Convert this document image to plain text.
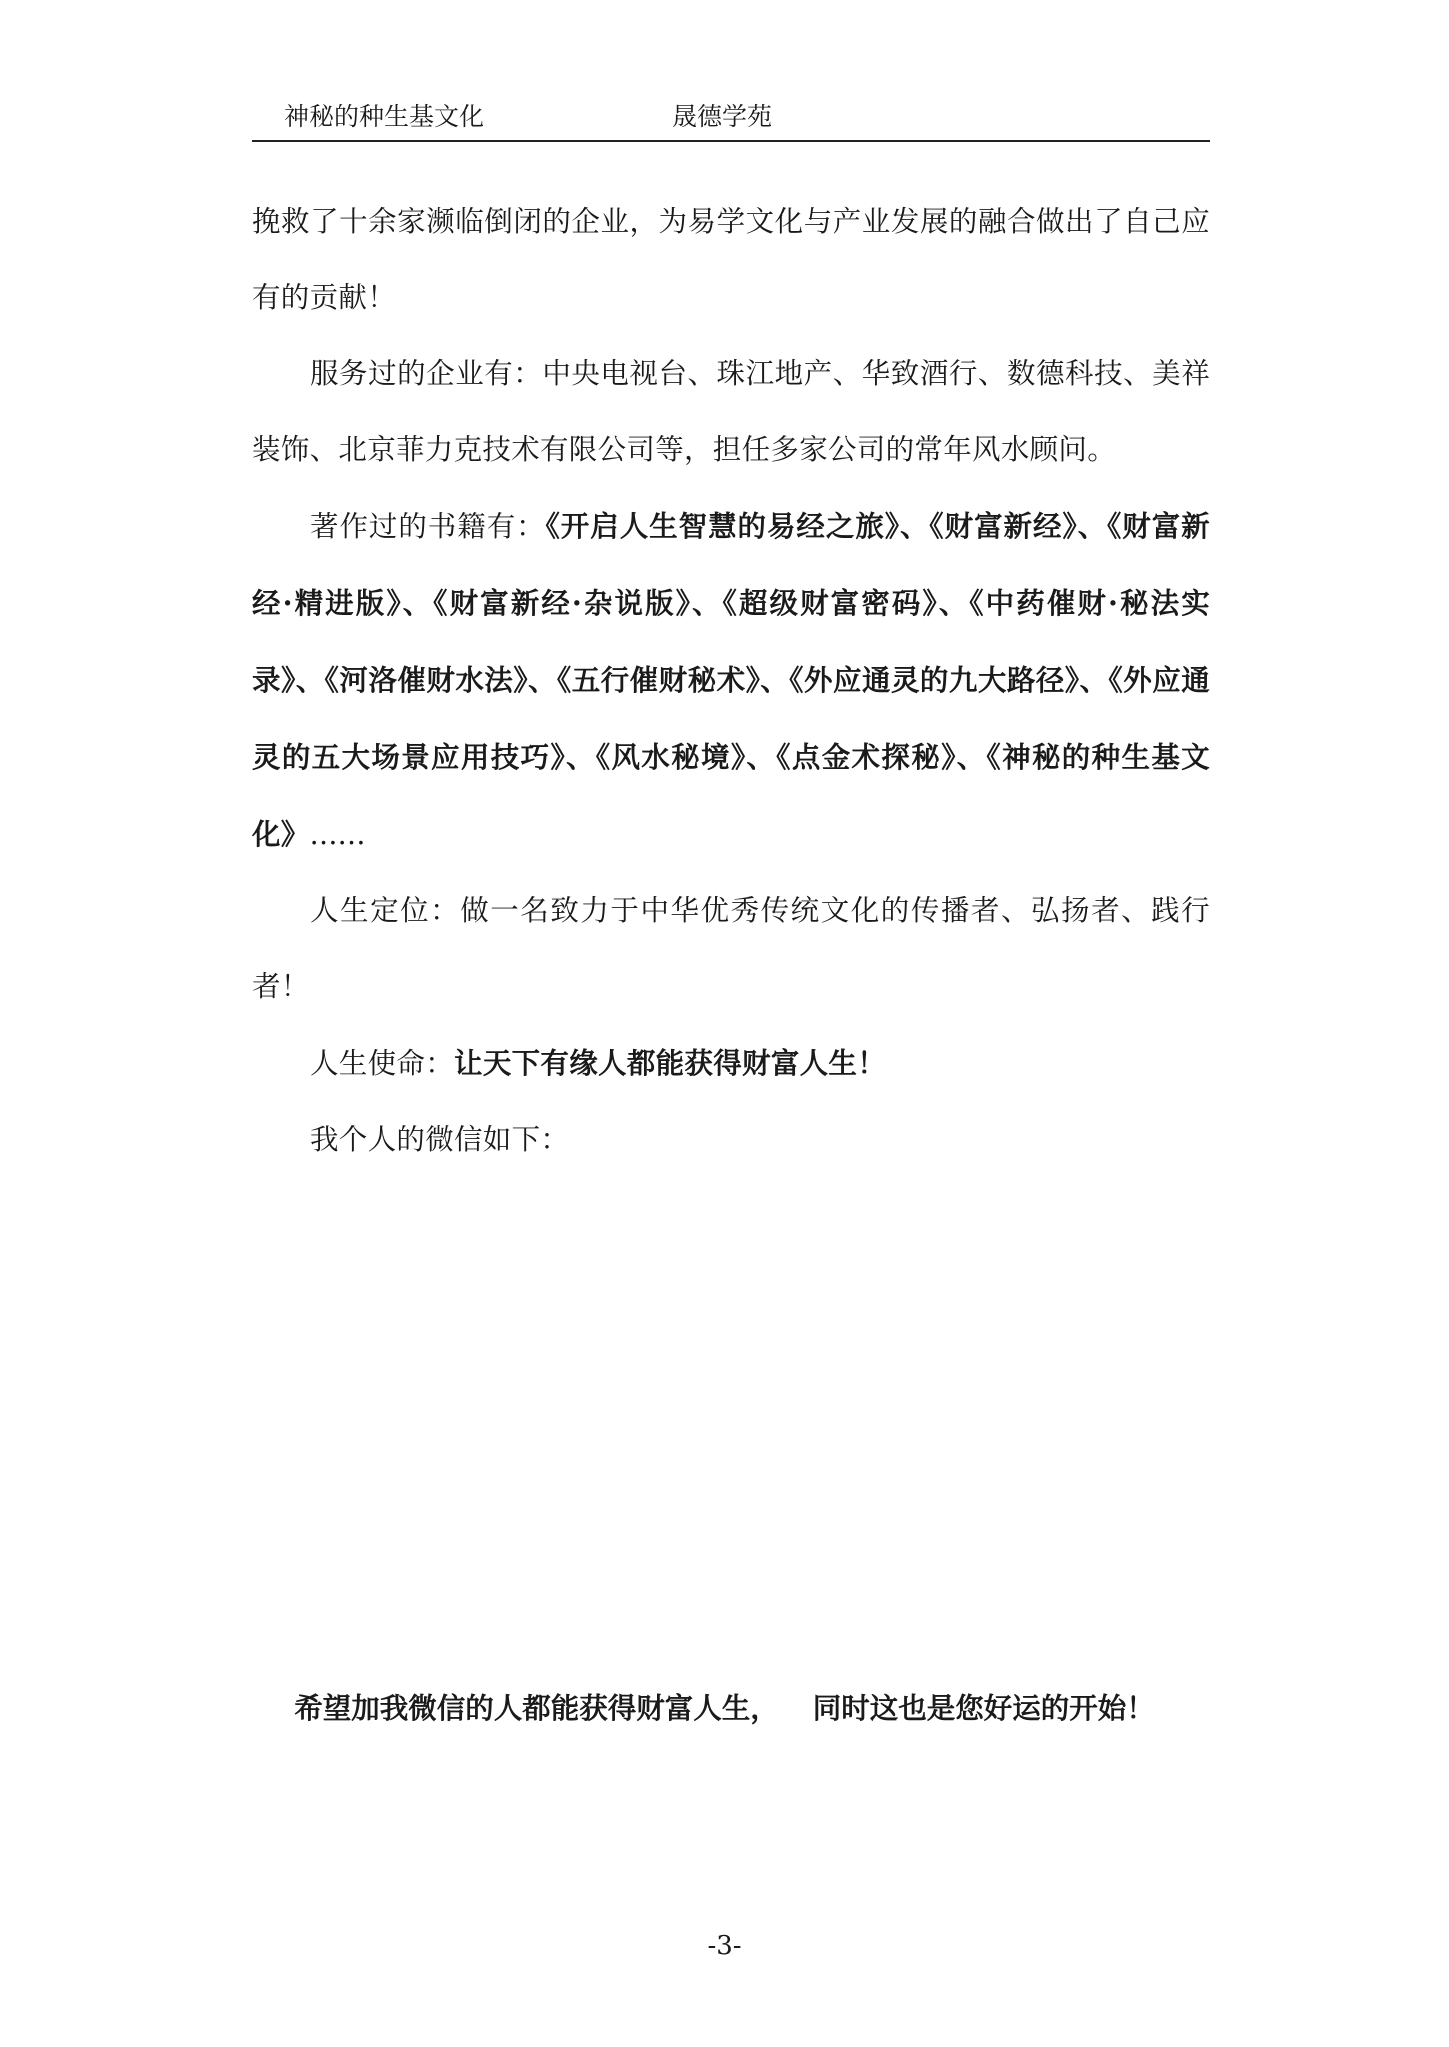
神秘的种生基文化	晟德学苑

挽救了十余家濒临倒闭的企业，为易学文化与产业发展的融合做出了自己应有的贡献！

服务过的企业有：中央电视台、珠江地产、华致酒行、数德科技、美祥装饰、北京菲力克技术有限公司等，担任多家公司的常年风水顾问。

著作过的书籍有：《开启人生智慧的易经之旅》、《财富新经》、《财富新经·精进版》、《财富新经·杂说版》、《超级财富密码》、《中药催财·秘法实录》、《河洛催财水法》、《五行催财秘术》、《外应通灵的九大路径》、《外应通灵的五大场景应用技巧》、《风水秘境》、《点金术探秘》、《神秘的种生基文化》......

人生定位：做一名致力于中华优秀传统文化的传播者、弘扬者、践行者！

人生使命：让天下有缘人都能获得财富人生！

我个人的微信如下：

希望加我微信的人都能获得财富人生， 同时这也是您好运的开始！
-3-
